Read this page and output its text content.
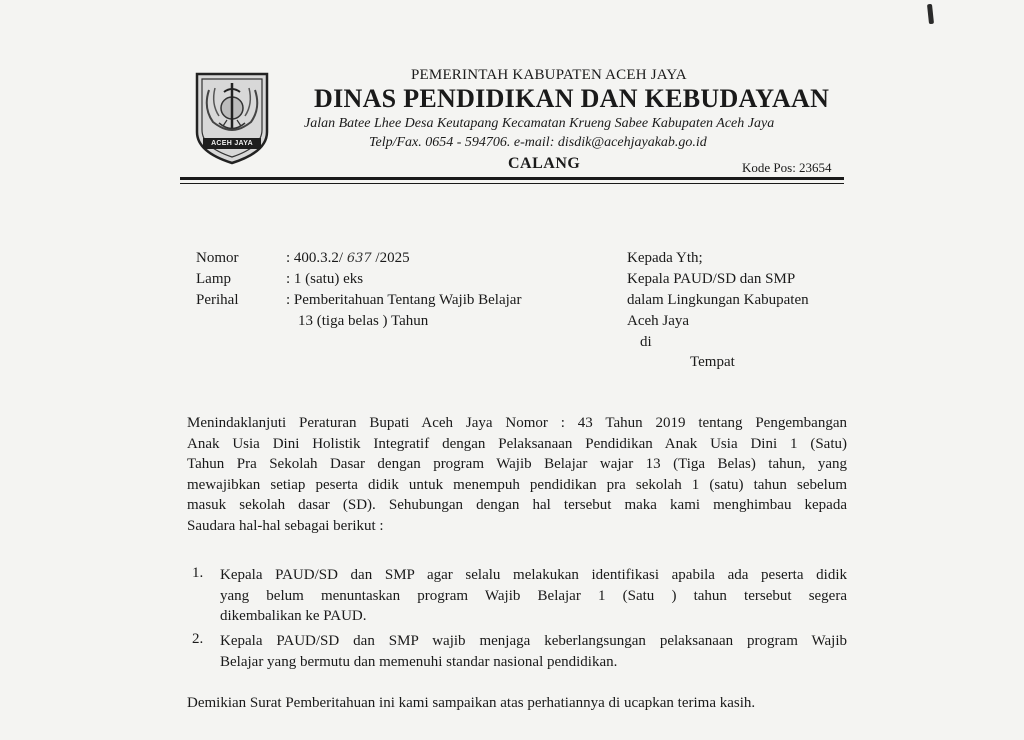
ACEH JAYA
PEMERINTAH KABUPATEN ACEH JAYA
DINAS PENDIDIKAN DAN KEBUDAYAAN
Jalan Batee Lhee Desa Keutapang Kecamatan Krueng Sabee Kabupaten Aceh Jaya
Telp/Fax. 0654 - 594706. e-mail: disdik@acehjayakab.go.id
CALANG	Kode Pos: 23654
Nomor	: 400.3.2/ 637 /2025
Lamp	: 1 (satu) eks
Perihal	: Pemberitahuan Tentang Wajib Belajar
13 (tiga belas ) Tahun
Kepada Yth;
Kepala PAUD/SD dan SMP
dalam Lingkungan Kabupaten
Aceh Jaya
di
Tempat
Menindaklanjuti Peraturan Bupati Aceh Jaya Nomor : 43 Tahun 2019 tentang Pengembangan
Anak Usia Dini Holistik Integratif dengan Pelaksanaan Pendidikan Anak Usia Dini 1 (Satu)
Tahun Pra Sekolah Dasar dengan program Wajib Belajar wajar 13 (Tiga Belas) tahun, yang
mewajibkan setiap peserta didik untuk menempuh pendidikan pra sekolah 1 (satu) tahun sebelum
masuk sekolah dasar (SD). Sehubungan dengan hal tersebut maka kami menghimbau kepada
Saudara hal-hal sebagai berikut :
1. Kepala PAUD/SD dan SMP agar selalu melakukan identifikasi apabila ada peserta didik
yang belum menuntaskan program Wajib Belajar 1 (Satu ) tahun tersebut segera
dikembalikan ke PAUD.
2. Kepala PAUD/SD dan SMP wajib menjaga keberlangsungan pelaksanaan program Wajib
Belajar yang bermutu dan memenuhi standar nasional pendidikan.
Demikian Surat Pemberitahuan ini kami sampaikan atas perhatiannya di ucapkan terima kasih.
